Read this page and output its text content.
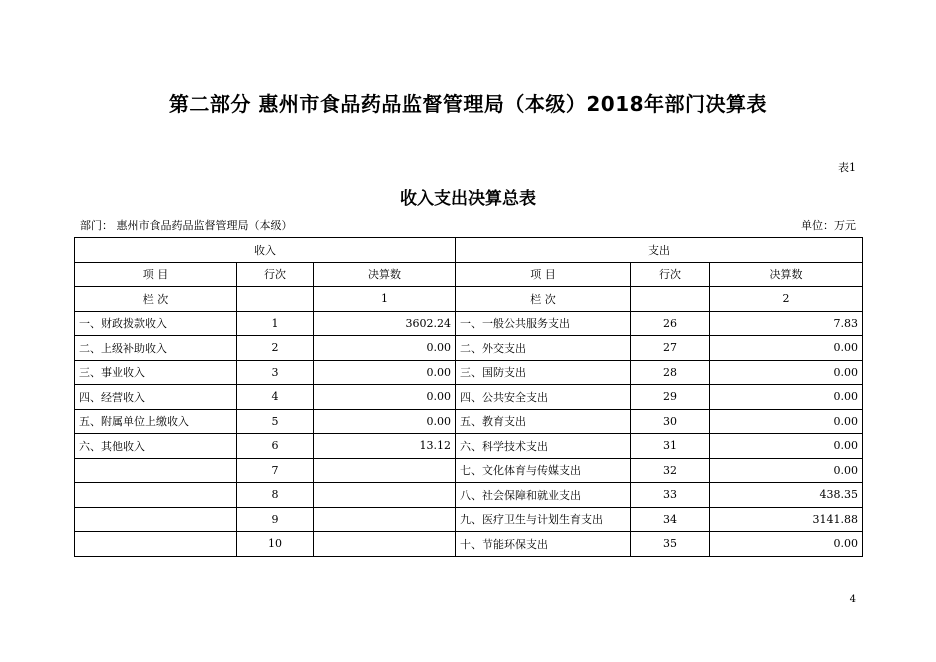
第二部分 惠州市食品药品监督管理局（本级）2018年部门决算表
表1
收入支出决算总表
部门： 惠州市食品药品监督管理局（本级）	单位：万元
收入			支出		
项 目	行次	决算数	项 目	行次	决算数
栏 次		1	栏 次		2
一、财政拨款收入	1	3602.24	一、一般公共服务支出	26	7.83
二、上级补助收入	2	0.00	二、外交支出	27	0.00
三、事业收入	3	0.00	三、国防支出	28	0.00
四、经营收入	4	0.00	四、公共安全支出	29	0.00
五、附属单位上缴收入	5	0.00	五、教育支出	30	0.00
六、其他收入	6	13.12	六、科学技术支出	31	0.00
	7		七、文化体育与传媒支出	32	0.00
	8		八、社会保障和就业支出	33	438.35
	9		九、医疗卫生与计划生育支出	34	3141.88
	10		十、节能环保支出	35	0.00
4
